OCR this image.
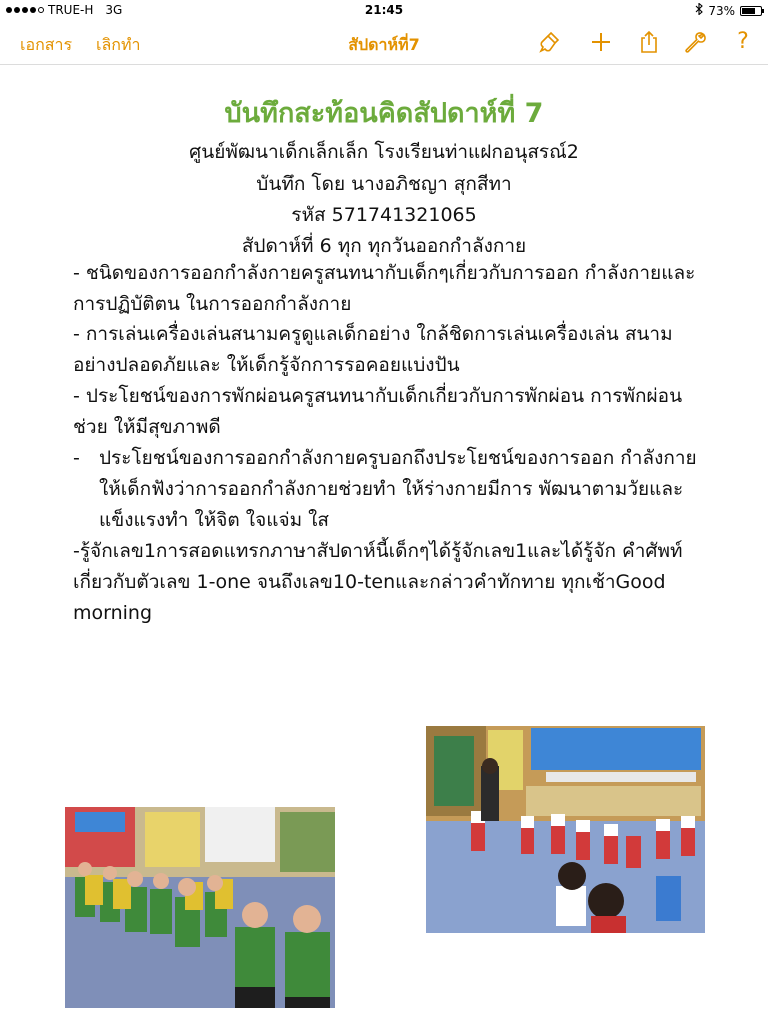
TRUE-H 3G	21:45	73%
เอกสาร เลิกทำ	สัปดาห์ที่7	?
บันทึกสะท้อนคิดสัปดาห์ที่ 7
ศูนย์พัฒนาเด็กเล็กเล็ก โรงเรียนท่าแฝกอนุสรณ์2
บันทึก โดย นางอภิชญา สุกสีทา
รหัส 571741321065
สัปดาห์ที่ 6 ทุก ทุกวันออกกำลังกาย
- ชนิดของการออกกำลังกายครูสนทนากับเด็กๆเกี่ยวกับการออก กำลังกายและ การปฏิบัติตน ในการออกกำลังกาย
- การเล่นเครื่องเล่นสนามครูดูแลเด็กอย่าง ใกล้ชิดการเล่นเครื่องเล่น สนามอย่างปลอดภัยและ ให้เด็กรู้จักการรอคอยแบ่งปัน
- ประโยชน์ของการพักผ่อนครูสนทนากับเด็กเกี่ยวกับการพักผ่อน การพักผ่อนช่วย ให้มีสุขภาพดี
- ประโยชน์ของการออกกำลังกายครูบอกถึงประโยชน์ของการออก กำลังกาย ให้เด็กฟังว่าการออกกำลังกายช่วยทำ ให้ร่างกายมีการ พัฒนาตามวัยและแข็งแรงทำ ให้จิต ใจแจ่ม ใส
-รู้จักเลข1การสอดแทรกภาษาสัปดาห์นี้เด็กๆได้รู้จักเลข1และได้รู้จัก คำศัพท์เกี่ยวกับตัวเลข 1-one จนถึงเลข10-tenและกล่าวคำทักทาย ทุกเช้าGood morning
